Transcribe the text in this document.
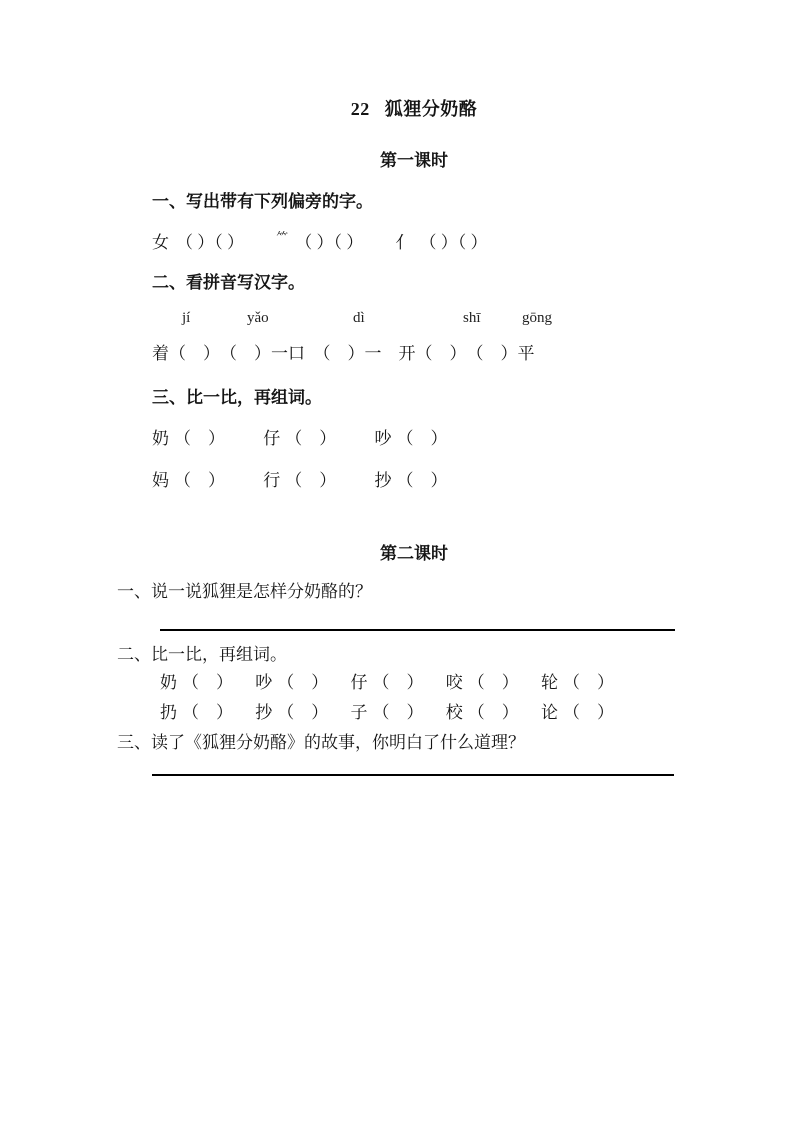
22 狐狸分奶酪
第一课时
一、写出带有下列偏旁的字。
女 （ ）（ ）	⺮ （ ）（ ） 亻 （ ）（ ）
二、看拼音写汉字。
jí	yǎo	dì	shī	gōng
着（　）　（　）一口　（　）一　开（　）　（　）平
三、比一比，再组词。
奶 （　） 仔 （　） 吵 （　）
妈 （　） 行 （　） 抄 （　）
第二课时
一、说一说狐狸是怎样分奶酪的？
二、比一比，再组词。
奶 （　） 吵 （　） 仔 （　） 咬 （　） 轮 （　）
扔 （　） 抄 （　） 子 （　） 校 （　） 论 （　）
三、读了《狐狸分奶酪》的故事，你明白了什么道理？
